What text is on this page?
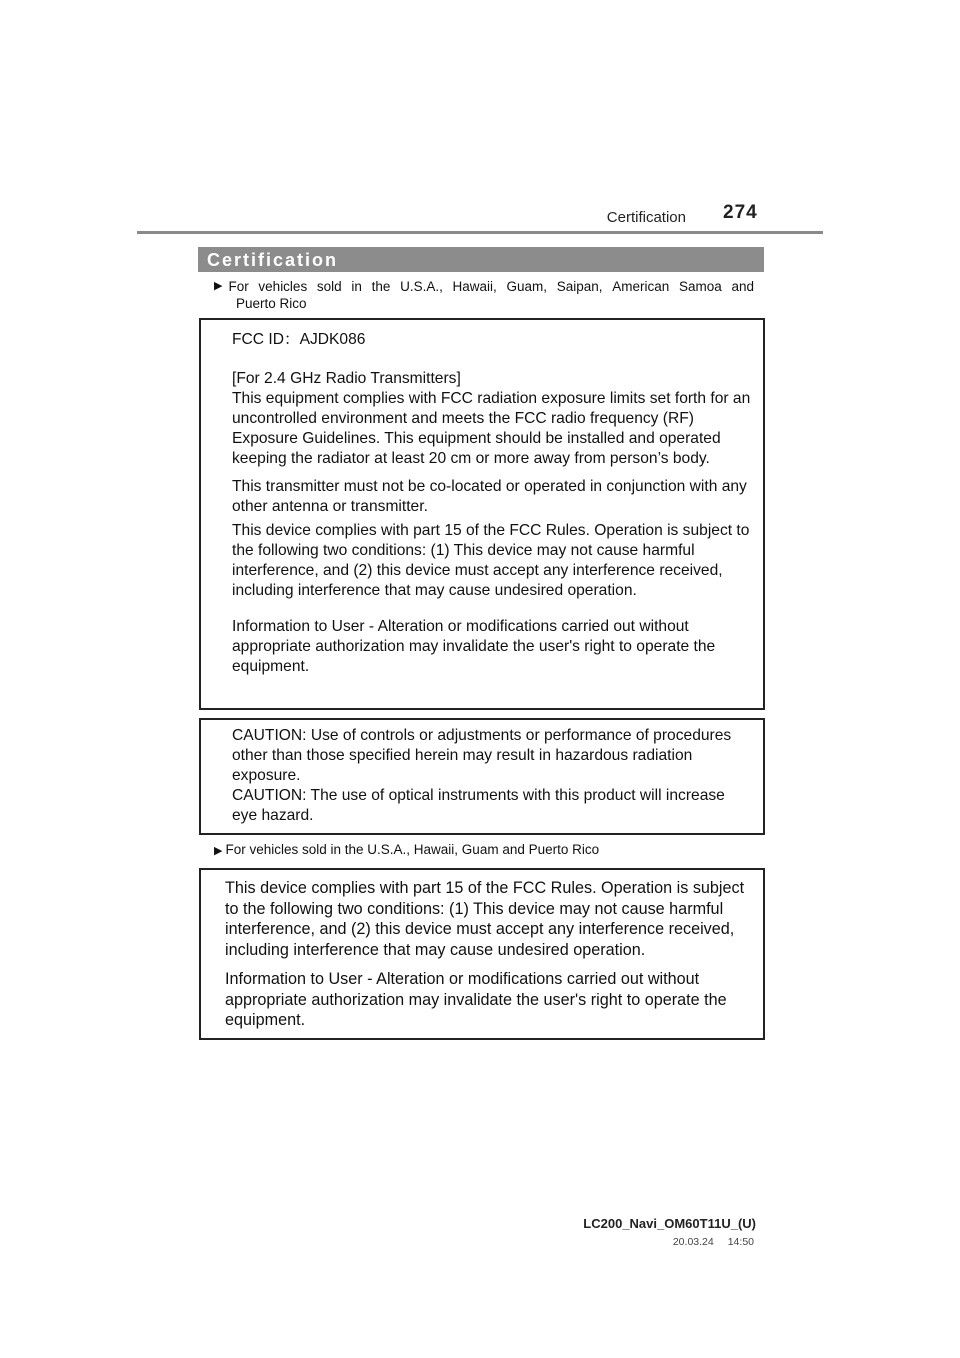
Certification 274
Certification
▶ For vehicles sold in the U.S.A., Hawaii, Guam, Saipan, American Samoa and
Puerto Rico

FCC ID：AJDK086

[For 2.4 GHz Radio Transmitters]

This equipment complies with FCC radiation exposure limits set forth for an uncontrolled environment and meets the FCC radio frequency (RF) Exposure Guidelines. This equipment should be installed and operated keeping the radiator at least 20 cm or more away from person’s body.

This transmitter must not be co-located or operated in conjunction with any other antenna or transmitter.

This device complies with part 15 of the FCC Rules. Operation is subject to the following two conditions: (1) This device may not cause harmful interference, and (2) this device must accept any interference received, including interference that may cause undesired operation.

Information to User - Alteration or modifications carried out without appropriate authorization may invalidate the user's right to operate the equipment.

CAUTION: Use of controls or adjustments or performance of procedures other than those specified herein may result in hazardous radiation exposure.

CAUTION: The use of optical instruments with this product will increase eye hazard.

▶ For vehicles sold in the U.S.A., Hawaii, Guam and Puerto Rico

This device complies with part 15 of the FCC Rules. Operation is subject to the following two conditions: (1) This device may not cause harmful interference, and (2) this device must accept any interference received, including interference that may cause undesired operation.

Information to User - Alteration or modifications carried out without appropriate authorization may invalidate the user's right to operate the equipment.

LC200_Navi_OM60T11U_(U)
20.03.24 14:50
